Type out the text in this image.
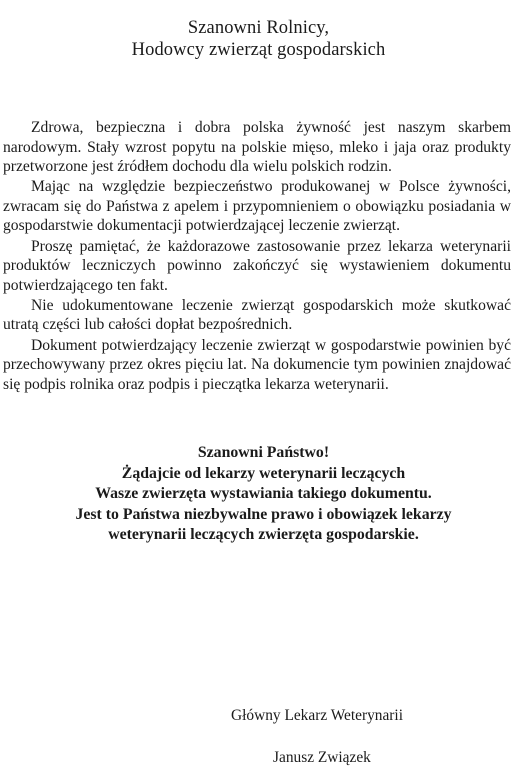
Szanowni Rolnicy,
Hodowcy zwierząt gospodarskich

Zdrowa, bezpieczna i dobra polska żywność jest naszym skarbem narodowym. Stały wzrost popytu na polskie mięso, mleko i jaja oraz produkty przetworzone jest źródłem dochodu dla wielu polskich rodzin.

Mając na względzie bezpieczeństwo produkowanej w Polsce żywności, zwracam się do Państwa z apelem i przypomnieniem o obowiązku posiadania w gospodarstwie dokumentacji potwierdzającej leczenie zwierząt.

Proszę pamiętać, że każdorazowe zastosowanie przez lekarza weterynarii produktów leczniczych powinno zakończyć się wystawieniem dokumentu potwierdzającego ten fakt.

Nie udokumentowane leczenie zwierząt gospodarskich może skutkować utratą części lub całości dopłat bezpośrednich.

Dokument potwierdzający leczenie zwierząt w gospodarstwie powinien być przechowywany przez okres pięciu lat. Na dokumencie tym powinien znajdować się podpis rolnika oraz podpis i pieczątka lekarza weterynarii.

Szanowni Państwo!
Żądajcie od lekarzy weterynarii leczących
Wasze zwierzęta wystawiania takiego dokumentu.
Jest to Państwa niezbywalne prawo i obowiązek lekarzy
weterynarii leczących zwierzęta gospodarskie.
Główny Lekarz Weterynarii
Janusz Związek
